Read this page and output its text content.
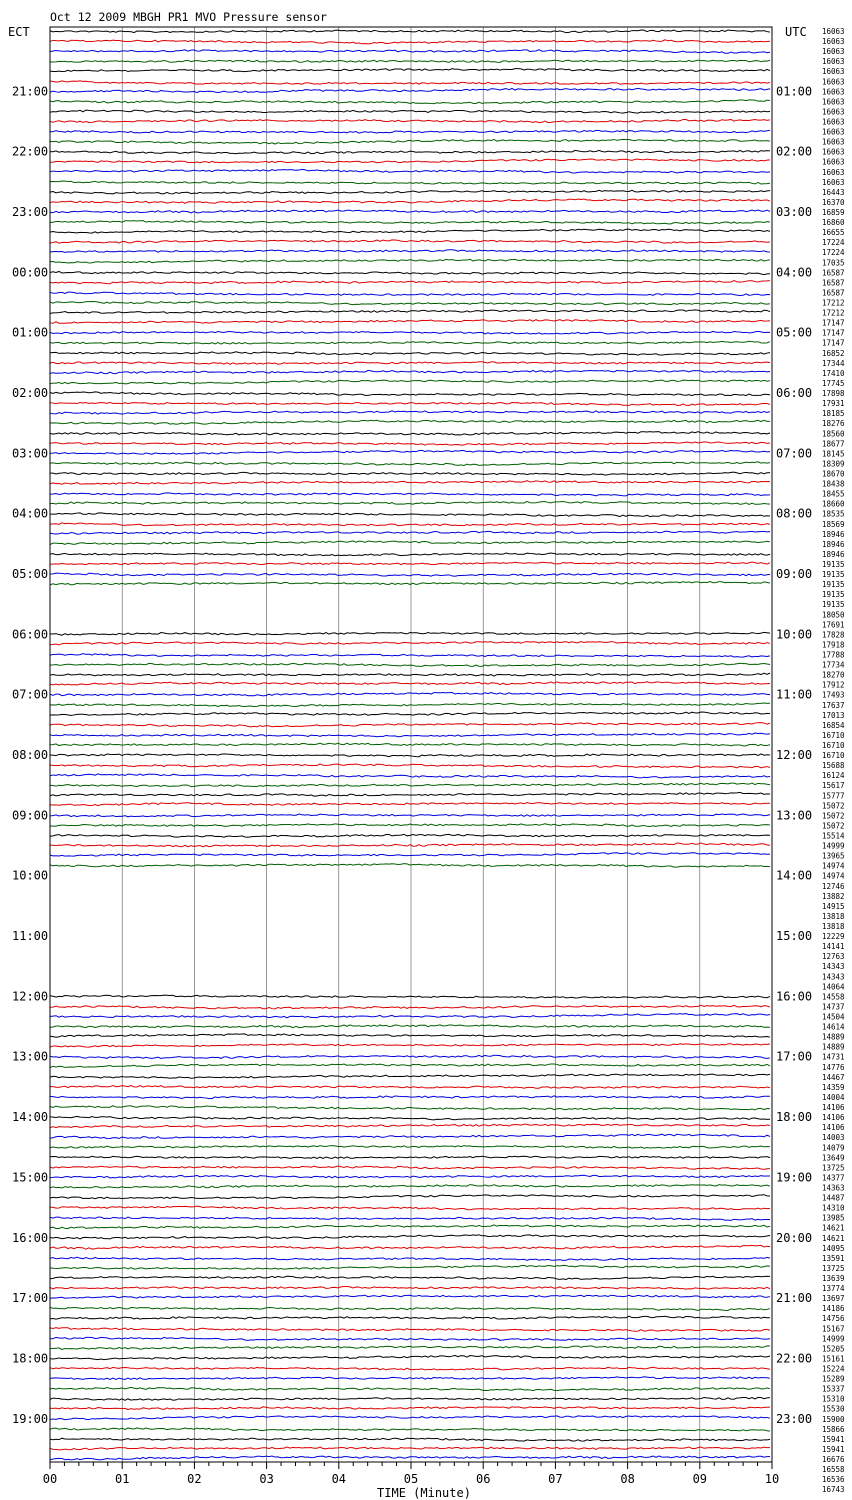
00	01	02	03	04	05	06	07	08	09	10
21:00
22:00
23:00
00:00
01:00
02:00
03:00
04:00
05:00
06:00
07:00
08:00
09:00
10:00
11:00
12:00
13:00
14:00
15:00
16:00
17:00
18:00
19:00
01:00
02:00
03:00
04:00
05:00
06:00
07:00
08:00
09:00
10:00
11:00
12:00
13:00
14:00
15:00
16:00
17:00
18:00
19:00
20:00
21:00
22:00
23:00
16063
16063
16063
16063
16063
16063
16063
16063
16063
16063
16063
16063
16063
16063
16063
16063
16443
16370
16859
16860
16655
17224
17224
17035
16587
16587
16587
17212
17212
17147
17147
17147
16852
17344
17410
17745
17898
17931
18185
18276
18560
18677
18145
18309
18670
18438
18455
18660
18535
18569
18946
18946
18946
19135
19135
19135
19135
19135
18050
17691
17828
17918
17788
17734
18270
17912
17493
17637
17013
16854
16710
16710
16710
15688
16124
15617
15777
15072
15072
15072
15514
14999
13965
14974
14974
12746
13882
14915
13818
13818
12229
14141
12763
14343
14343
14064
14558
14737
14504
14614
14889
14889
14731
14776
14467
14359
14004
14106
14106
14106
14003
14079
13649
13725
14377
14363
14487
14310
13985
14621
14621
14095
13591
13725
13639
13774
13697
14186
14756
15167
14999
15205
15161
15224
15289
15337
15310
15530
15900
15866
15941
15941
16676
16558
16536
16743
Oct 12 2009 MBGH PR1 MVO Pressure sensor
ECT	UTC
TIME (Minute)
